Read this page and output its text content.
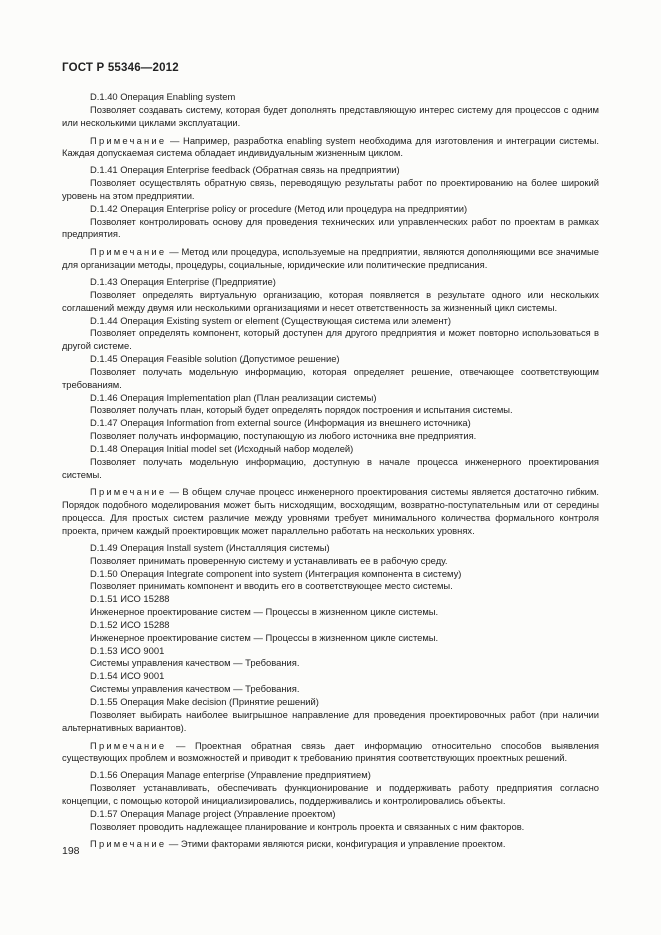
ГОСТ Р 55346—2012

D.1.40 Операция Enabling system

Позволяет создавать систему, которая будет дополнять представляющую интерес систему для процессов с одним или несколькими циклами эксплуатации.

Примечание — Например, разработка enabling system необходима для изготовления и интеграции системы. Каждая допускаемая система обладает индивидуальным жизненным циклом.

D.1.41 Операция Enterprise feedback (Обратная связь на предприятии)

Позволяет осуществлять обратную связь, переводящую результаты работ по проектированию на более широкий уровень на этом предприятии.

D.1.42 Операция Enterprise policy or procedure (Метод или процедура на предприятии)

Позволяет контролировать основу для проведения технических или управленческих работ по проектам в рамках предприятия.

Примечание — Метод или процедура, используемые на предприятии, являются дополняющими все значимые для организации методы, процедуры, социальные, юридические или политические предписания.

D.1.43 Операция Enterprise (Предприятие)

Позволяет определять виртуальную организацию, которая появляется в результате одного или нескольких соглашений между двумя или несколькими организациями и несет ответственность за жизненный цикл системы.

D.1.44 Операция Existing system or element (Существующая система или элемент)

Позволяет определять компонент, который доступен для другого предприятия и может повторно использоваться в другой системе.

D.1.45 Операция Feasible solution (Допустимое решение)

Позволяет получать модельную информацию, которая определяет решение, отвечающее соответствующим требованиям.

D.1.46 Операция Implementation plan (План реализации системы)

Позволяет получать план, который будет определять порядок построения и испытания системы.

D.1.47 Операция Information from external source (Информация из внешнего источника)

Позволяет получать информацию, поступающую из любого источника вне предприятия.

D.1.48 Операция Initial model set (Исходный набор моделей)

Позволяет получать модельную информацию, доступную в начале процесса инженерного проектирования системы.

Примечание — В общем случае процесс инженерного проектирования системы является достаточно гибким. Порядок подобного моделирования может быть нисходящим, восходящим, возвратно-поступательным или от середины процесса. Для простых систем различие между уровнями требует минимального количества формального контроля проекта, причем каждый проектировщик может параллельно работать на нескольких уровнях.

D.1.49 Операция Install system (Инсталляция системы)

Позволяет принимать проверенную систему и устанавливать ее в рабочую среду.

D.1.50 Операция Integrate component into system (Интеграция компонента в систему)

Позволяет принимать компонент и вводить его в соответствующее место системы.

D.1.51 ИСО 15288

Инженерное проектирование систем — Процессы в жизненном цикле системы.

D.1.52 ИСО 15288

Инженерное проектирование систем — Процессы в жизненном цикле системы.

D.1.53 ИСО 9001

Системы управления качеством — Требования.

D.1.54 ИСО 9001

Системы управления качеством — Требования.

D.1.55 Операция Make decision (Принятие решений)

Позволяет выбирать наиболее выигрышное направление для проведения проектировочных работ (при наличии альтернативных вариантов).

Примечание — Проектная обратная связь дает информацию относительно способов выявления существующих проблем и возможностей и приводит к требованию принятия соответствующих проектных решений.

D.1.56 Операция Manage enterprise (Управление предприятием)

Позволяет устанавливать, обеспечивать функционирование и поддерживать работу предприятия согласно концепции, с помощью которой инициализировались, поддерживались и контролировались объекты.

D.1.57 Операция Manage project (Управление проектом)

Позволяет проводить надлежащее планирование и контроль проекта и связанных с ним факторов.

Примечание — Этими факторами являются риски, конфигурация и управление проектом.

198
